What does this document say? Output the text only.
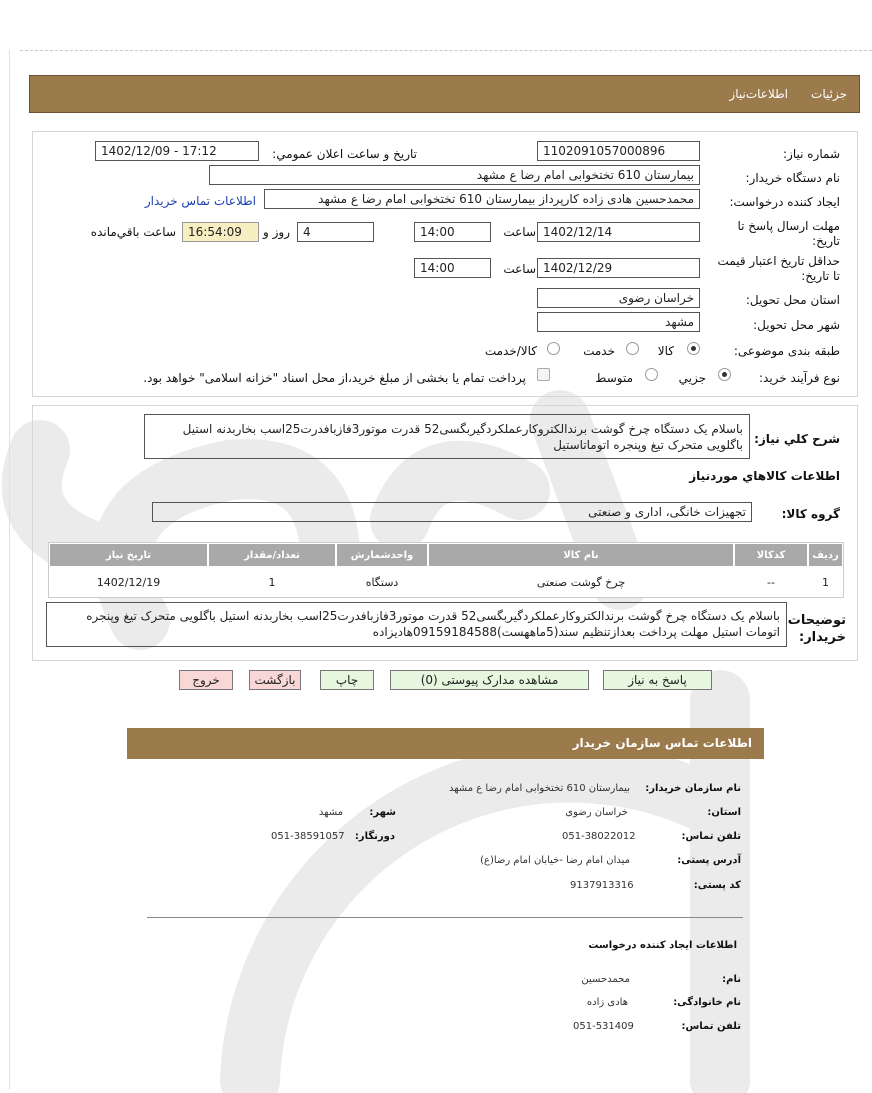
جزئيات
اطلاعات‌نیاز
شماره نياز:
1102091057000896
تاريخ و ساعت اعلان عمومي:
1402/12/09 - 17:12
نام دستگاه خريدار:
بیمارستان 610 تختخوابی امام رضا ع مشهد
ايجاد کننده درخواست:
محمدحسین هادی زاده کارپرداز بیمارستان 610 تختخوابی امام رضا ع مشهد
اطلاعات تماس خريدار
مهلت ارسال پاسخ تا تاريخ:
1402/12/14
ساعت
14:00
4
روز و
16:54:09
ساعت باقي‌مانده
حداقل تاريخ اعتبار قيمت تا تاريخ:
1402/12/29
ساعت
14:00
استان محل تحويل:
خراسان رضوی
شهر محل تحويل:
مشهد
طبقه بندی موضوعی:
کالا
خدمت
کالا/خدمت
نوع فرآيند خريد:
جزيي
متوسط
پرداخت تمام يا بخشی از مبلغ خريد،از محل اسناد "خزانه اسلامی" خواهد بود.
شرح کلي نياز:
باسلام یک دستگاه چرخ گوشت برندالکتروکارعملکردگیربگسی52 قدرت موتور3فازبافدرت25اسب بخاربدنه استیل باگلویی متحرک تیغ وپنجره اتوماتاستیل
اطلاعات کالاهاي موردنياز
گروه کالا:
تجهیزات خانگی، اداری و صنعتی
رديف
کدکالا
نام کالا
واحدشمارش
تعداد/مقدار
تاريخ نياز
1
--
چرخ گوشت صنعتی
دستگاه
1
1402/12/19
توضيحات خريدار:
باسلام یک دستگاه چرخ گوشت برندالکتروکارعملکردگیربگسی52 قدرت موتور3فازبافدرت25اسب بخاربدنه استیل باگلویی متحرک تیغ وپنجره اتومات استیل مهلت پرداخت بعدازتنظیم سند(5ماههست)09159184588هادیزاده
پاسخ به نياز
مشاهده مدارک پیوستی (0)
چاپ
بازگشت
خروج
اطلاعات تماس سازمان خریدار
نام سازمان خریدار:
بیمارستان 610 تختخوابی امام رضا ع مشهد
استان:
خراسان رضوی
شهر:
مشهد
تلفن تماس:
051-38022012
دورنگار:
051-38591057
آدرس پستی:
میدان امام رضا -خیابان امام رضا(ع)
کد پستی:
9137913316
اطلاعات ایجاد کننده درخواست
نام:
محمدحسین
نام خانوادگی:
هادی زاده
تلفن تماس:
051-531409
